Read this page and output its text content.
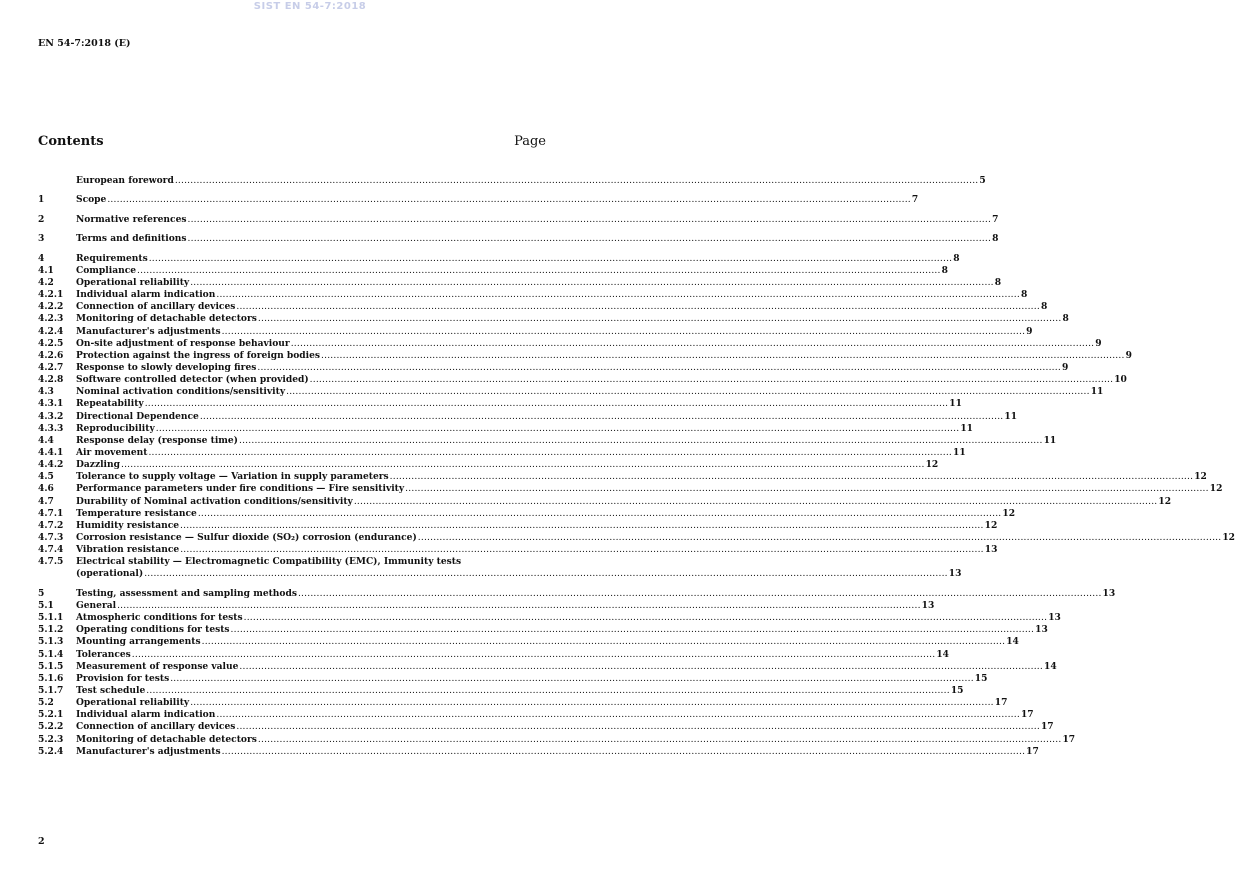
SIST EN 54-7:2018
EN 54-7:2018 (E)
Contents	Page
European foreword .....	5
1	Scope .....	7
2	Normative references .....	7
3	Terms and definitions .....	8
4	Requirements .....	8
4.1	Compliance .....	8
4.2	Operational reliability .....	8
4.2.1	Individual alarm indication .....	8
4.2.2	Connection of ancillary devices .....	8
4.2.3	Monitoring of detachable detectors .....	8
4.2.4	Manufacturer's adjustments .....	9
4.2.5	On-site adjustment of response behaviour .....	9
4.2.6	Protection against the ingress of foreign bodies .....	9
4.2.7	Response to slowly developing fires .....	9
4.2.8	Software controlled detector (when provided) .....	10
4.3	Nominal activation conditions/sensitivity .....	11
4.3.1	Repeatability .....	11
4.3.2	Directional Dependence .....	11
4.3.3	Reproducibility .....	11
4.4	Response delay (response time) .....	11
4.4.1	Air movement .....	11
4.4.2	Dazzling .....	12
4.5	Tolerance to supply voltage — Variation in supply parameters .....	12
4.6	Performance parameters under fire conditions — Fire sensitivity .....	12
4.7	Durability of Nominal activation conditions/sensitivity .....	12
4.7.1	Temperature resistance .....	12
4.7.2	Humidity resistance .....	12
4.7.3	Corrosion resistance — Sulfur dioxide (SO₂) corrosion (endurance) .....	12
4.7.4	Vibration resistance .....	13
4.7.5	Electrical stability — Electromagnetic Compatibility (EMC), Immunity tests
(operational) .....	13
5	Testing, assessment and sampling methods .....	13
5.1	General .....	13
5.1.1	Atmospheric conditions for tests .....	13
5.1.2	Operating conditions for tests .....	13
5.1.3	Mounting arrangements .....	14
5.1.4	Tolerances .....	14
5.1.5	Measurement of response value .....	14
5.1.6	Provision for tests .....	15
5.1.7	Test schedule .....	15
5.2	Operational reliability .....	17
5.2.1	Individual alarm indication .....	17
5.2.2	Connection of ancillary devices .....	17
5.2.3	Monitoring of detachable detectors .....	17
5.2.4	Manufacturer's adjustments .....	17
2
